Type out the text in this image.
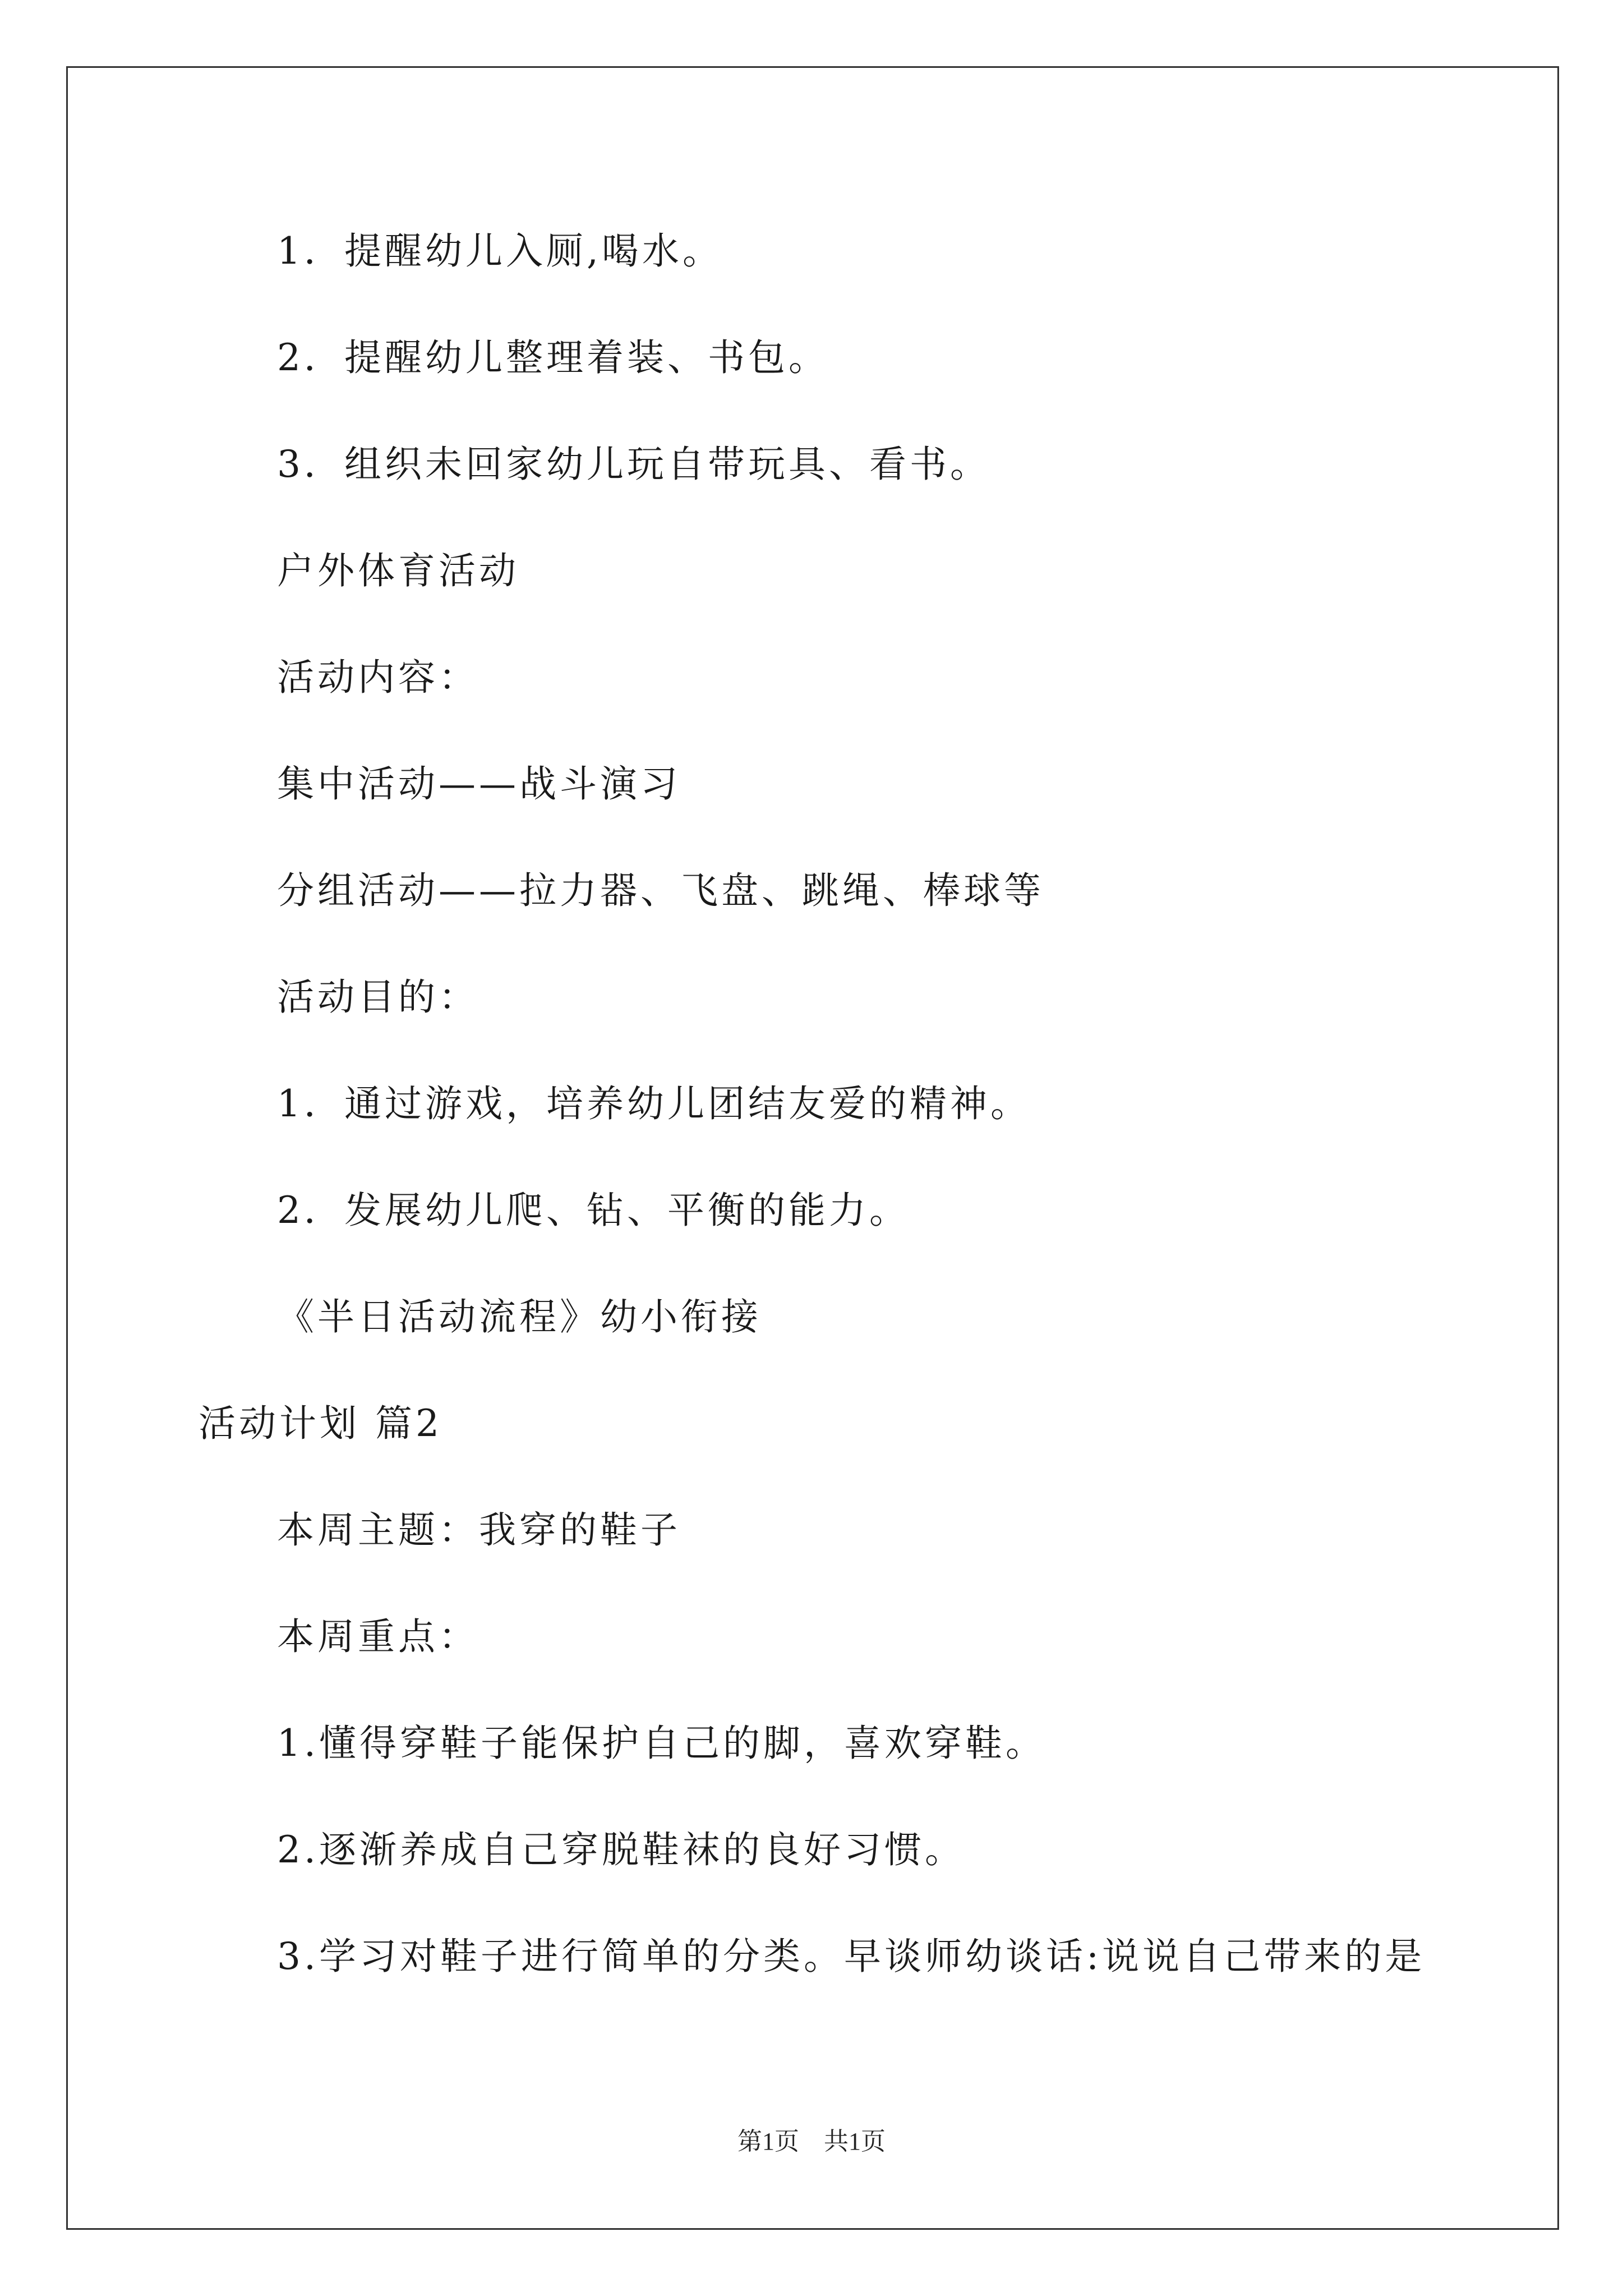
1．提醒幼儿入厕,喝水。

2．提醒幼儿整理着装、书包。

3．组织未回家幼儿玩自带玩具、看书。

户外体育活动

活动内容：

集中活动——战斗演习

分组活动——拉力器、飞盘、跳绳、棒球等

活动目的：

1．通过游戏，培养幼儿团结友爱的精神。

2．发展幼儿爬、钻、平衡的能力。

《半日活动流程》幼小衔接

活动计划 篇2

本周主题：我穿的鞋子

本周重点：

1.懂得穿鞋子能保护自己的脚，喜欢穿鞋。

2.逐渐养成自己穿脱鞋袜的良好习惯。

3.学习对鞋子进行简单的分类。早谈师幼谈话:说说自己带来的是

第1页　共1页
